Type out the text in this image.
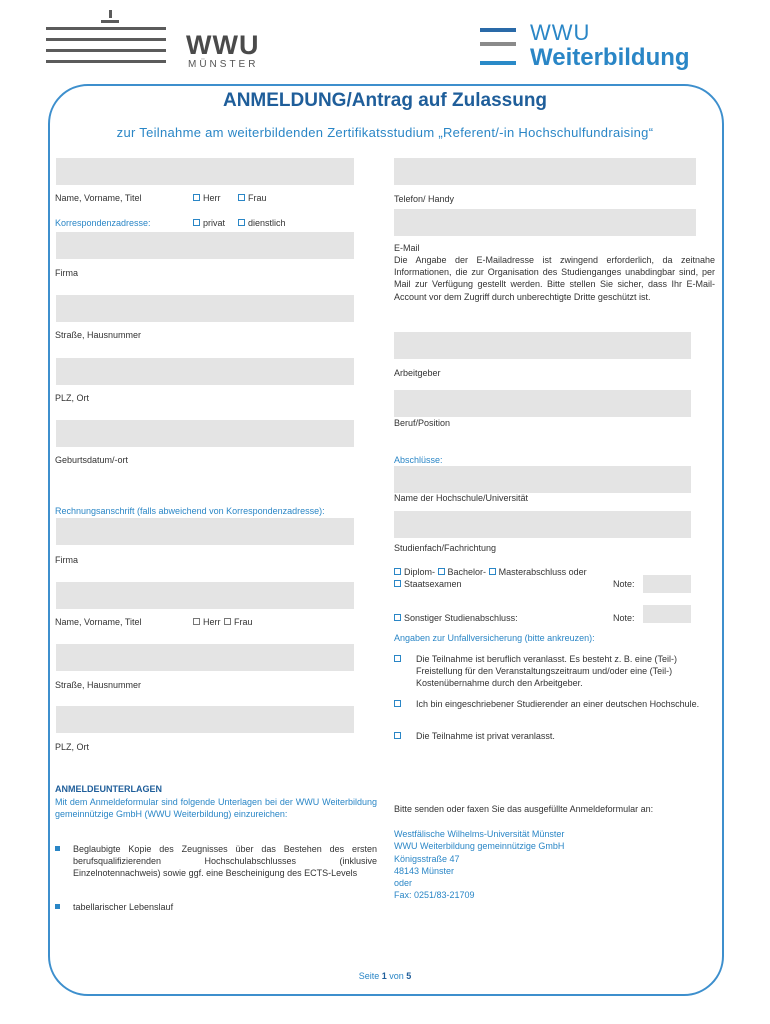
WWU
MÜNSTER
WWU
Weiterbildung
ANMELDUNG/Antrag auf Zulassung
zur Teilnahme am weiterbildenden Zertifikatsstudium „Referent/-in Hochschulfundraising“
Name, Vorname, Titel	Herr	Frau
Korrespondenzadresse:	privat	dienstlich
Firma
Straße, Hausnummer
PLZ, Ort
Geburtsdatum/-ort
Rechnungsanschrift (falls abweichend von Korrespondenzadresse):
Firma
Name, Vorname, Titel	Herr	Frau
Straße, Hausnummer
PLZ, Ort
Telefon/ Handy
E-Mail
Die Angabe der E-Mailadresse ist zwingend erforderlich, da zeitnahe Informationen, die zur Organisation des Studienganges unabdingbar sind, per Mail zur Verfügung gestellt werden. Bitte stellen Sie sicher, dass Ihr E-Mail-Account vor dem Zugriff durch unberechtigte Dritte geschützt ist.
Arbeitgeber
Beruf/Position
Abschlüsse:
Name der Hochschule/Universität
Studienfach/Fachrichtung
Diplom- Bachelor- Masterabschluss oder
Staatsexamen	Note:
Sonstiger Studienabschluss:	Note:
Angaben zur Unfallversicherung (bitte ankreuzen):
Die Teilnahme ist beruflich veranlasst. Es besteht z. B. eine (Teil-) Freistellung für den Veranstaltungszeitraum und/oder eine (Teil-) Kostenübernahme durch den Arbeitgeber.
Ich bin eingeschriebener Studierender an einer deutschen Hochschule.
Die Teilnahme ist privat veranlasst.
ANMELDEUNTERLAGEN
Mit dem Anmeldeformular sind folgende Unterlagen bei der WWU Weiterbildung gemeinnützige GmbH (WWU Weiterbildung) einzureichen:
Beglaubigte Kopie des Zeugnisses über das Bestehen des ersten berufsqualifizierenden Hochschulabschlusses (inklusive Einzelnotennachweis) sowie ggf. eine Bescheinigung des ECTS-Levels
tabellarischer Lebenslauf
Bitte senden oder faxen Sie das ausgefüllte Anmeldeformular an:
Westfälische Wilhelms-Universität Münster
WWU Weiterbildung gemeinnützige GmbH
Königsstraße 47
48143 Münster
oder
Fax: 0251/83-21709
Seite 1 von 5
